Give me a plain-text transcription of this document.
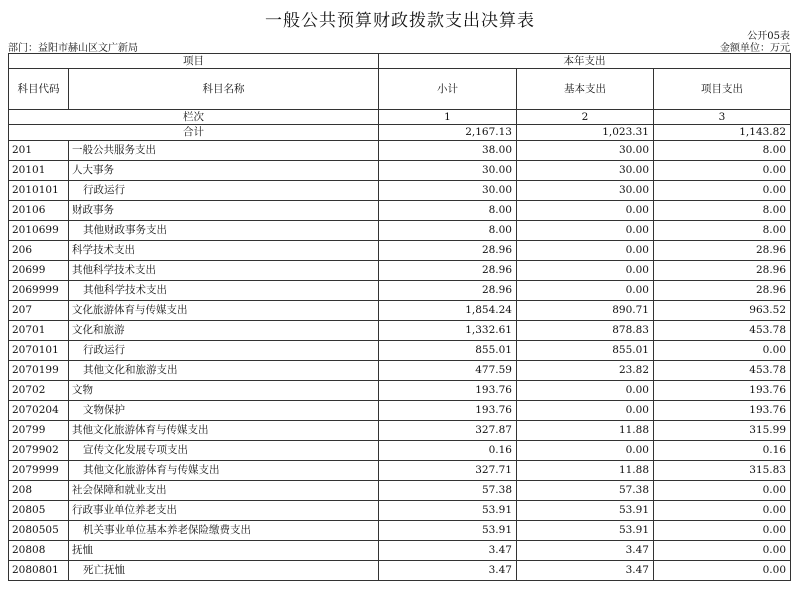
一般公共预算财政拨款支出决算表
公开05表
部门：益阳市赫山区文广新局	金额单位：万元
项目		本年支出		
科目代码	科目名称	小计	基本支出	项目支出
栏次		1	2	3
合计		2,167.13	1,023.31	1,143.82
201	一般公共服务支出	38.00	30.00	8.00
20101	人大事务	30.00	30.00	0.00
2010101	行政运行	30.00	30.00	0.00
20106	财政事务	8.00	0.00	8.00
2010699	其他财政事务支出	8.00	0.00	8.00
206	科学技术支出	28.96	0.00	28.96
20699	其他科学技术支出	28.96	0.00	28.96
2069999	其他科学技术支出	28.96	0.00	28.96
207	文化旅游体育与传媒支出	1,854.24	890.71	963.52
20701	文化和旅游	1,332.61	878.83	453.78
2070101	行政运行	855.01	855.01	0.00
2070199	其他文化和旅游支出	477.59	23.82	453.78
20702	文物	193.76	0.00	193.76
2070204	文物保护	193.76	0.00	193.76
20799	其他文化旅游体育与传媒支出	327.87	11.88	315.99
2079902	宣传文化发展专项支出	0.16	0.00	0.16
2079999	其他文化旅游体育与传媒支出	327.71	11.88	315.83
208	社会保障和就业支出	57.38	57.38	0.00
20805	行政事业单位养老支出	53.91	53.91	0.00
2080505	机关事业单位基本养老保险缴费支出	53.91	53.91	0.00
20808	抚恤	3.47	3.47	0.00
2080801	死亡抚恤	3.47	3.47	0.00
